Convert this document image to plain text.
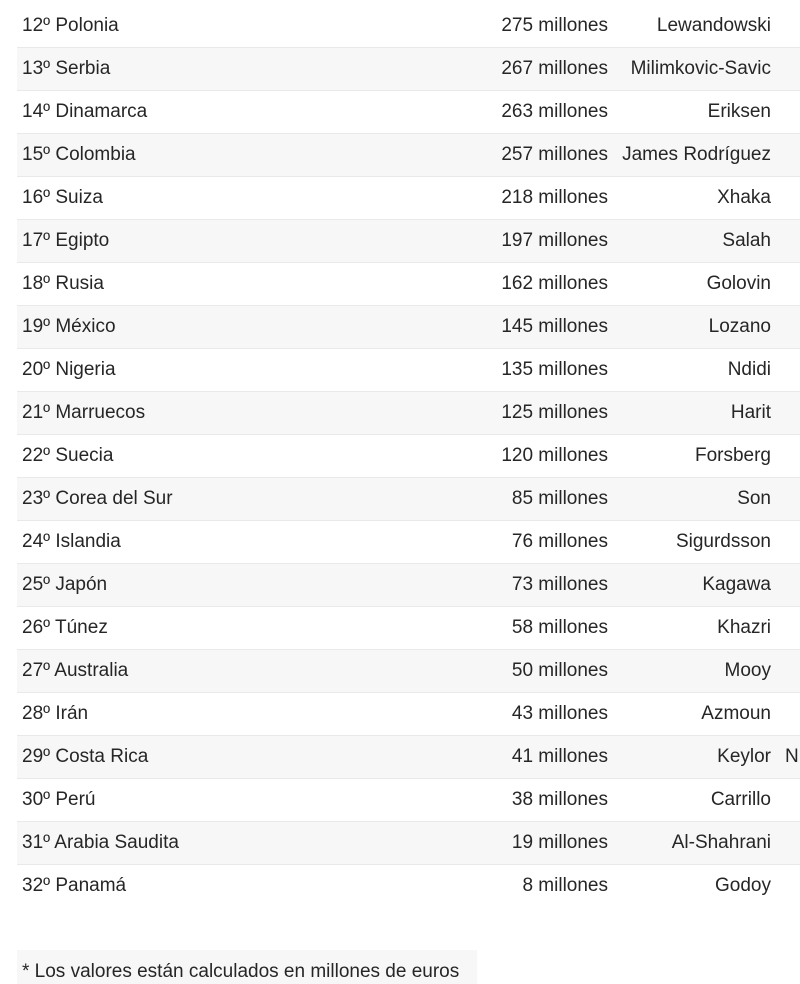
12º Polonia	275 millones	Lewandowski
13º Serbia	267 millones Milimkovic-Savic
14º Dinamarca	263 millones	Eriksen
15º Colombia	257 millones James Rodríguez
16º Suiza	218 millones	Xhaka
17º Egipto	197 millones	Salah
18º Rusia	162 millones	Golovin
19º México	145 millones	Lozano
20º Nigeria	135 millones	Ndidi
21º Marruecos	125 millones	Harit
22º Suecia	120 millones	Forsberg
23º Corea del Sur	85 millones	Son
24º Islandia	76 millones	Sigurdsson
25º Japón	73 millones	Kagawa
26º Túnez	58 millones	Khazri
27º Australia	50 millones	Mooy
28º Irán	43 millones	Azmoun
29º Costa Rica	41 millones	Keylor N
30º Perú	38 millones	Carrillo
31º Arabia Saudita	19 millones	Al-Shahrani
32º Panamá	8 millones	Godoy
* Los valores están calculados en millones de euros
